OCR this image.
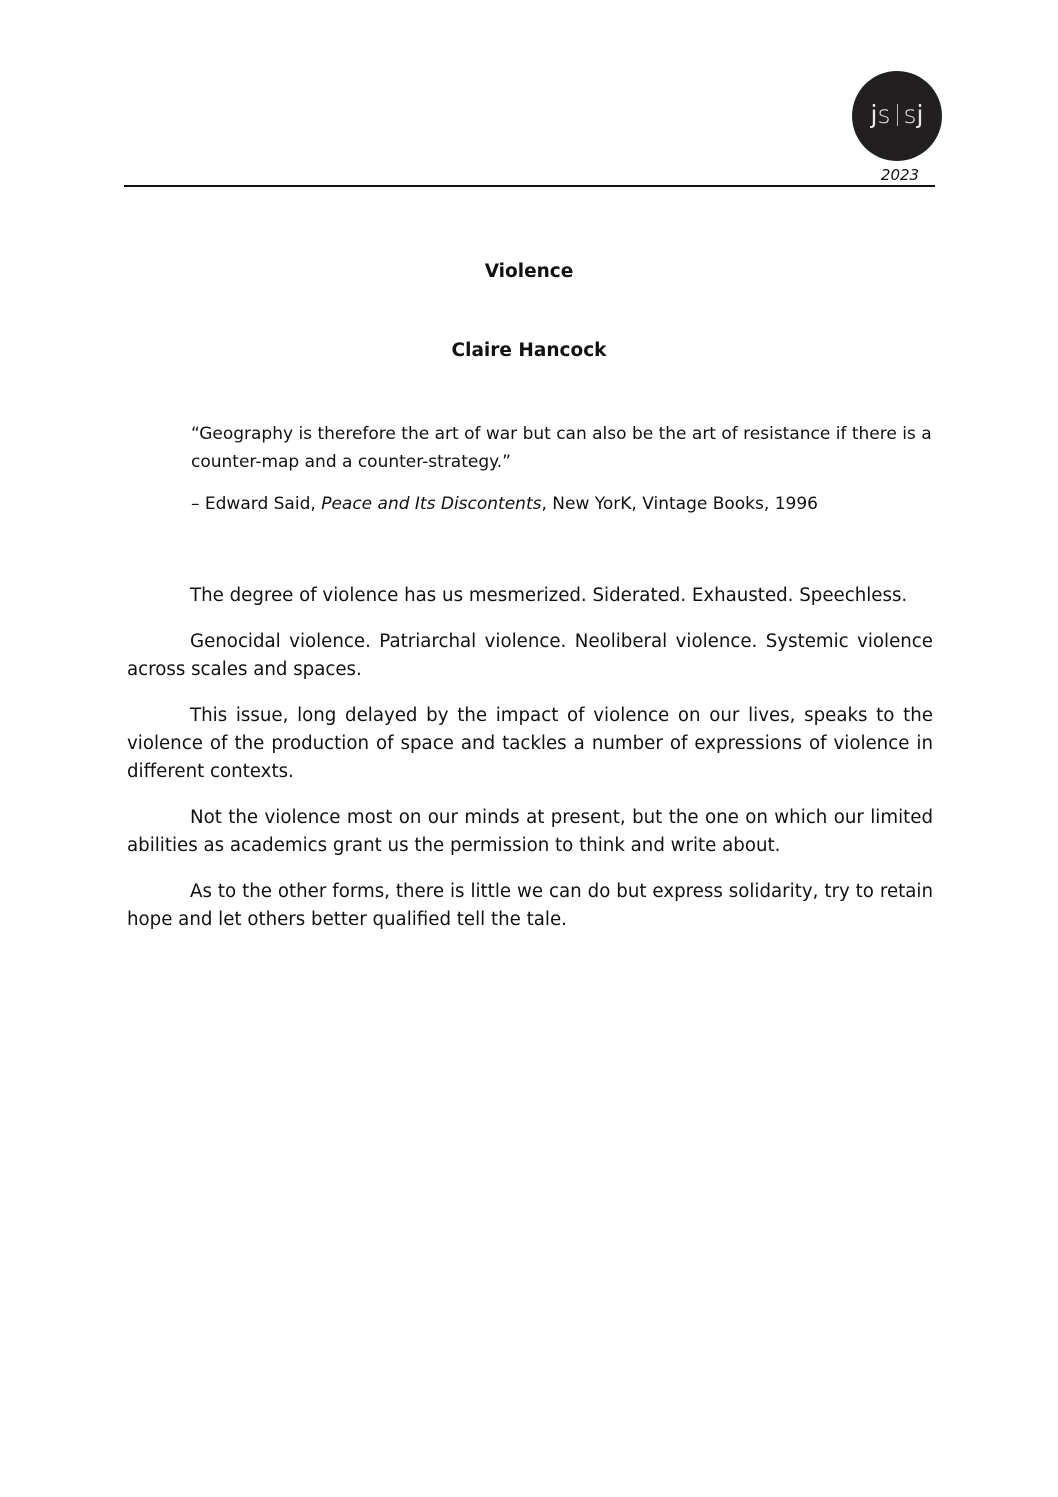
js sj
2023
Violence
Claire Hancock

“Geography is therefore the art of war but can also be the art of resistance if there is a counter-map and a counter-strategy.”

– Edward Said, Peace and Its Discontents, New YorK, Vintage Books, 1996

The degree of violence has us mesmerized. Siderated. Exhausted. Speechless.

Genocidal violence. Patriarchal violence. Neoliberal violence. Systemic violence across scales and spaces.

This issue, long delayed by the impact of violence on our lives, speaks to the violence of the production of space and tackles a number of expressions of violence in different contexts.

Not the violence most on our minds at present, but the one on which our limited abilities as academics grant us the permission to think and write about.

As to the other forms, there is little we can do but express solidarity, try to retain hope and let others better qualified tell the tale.
